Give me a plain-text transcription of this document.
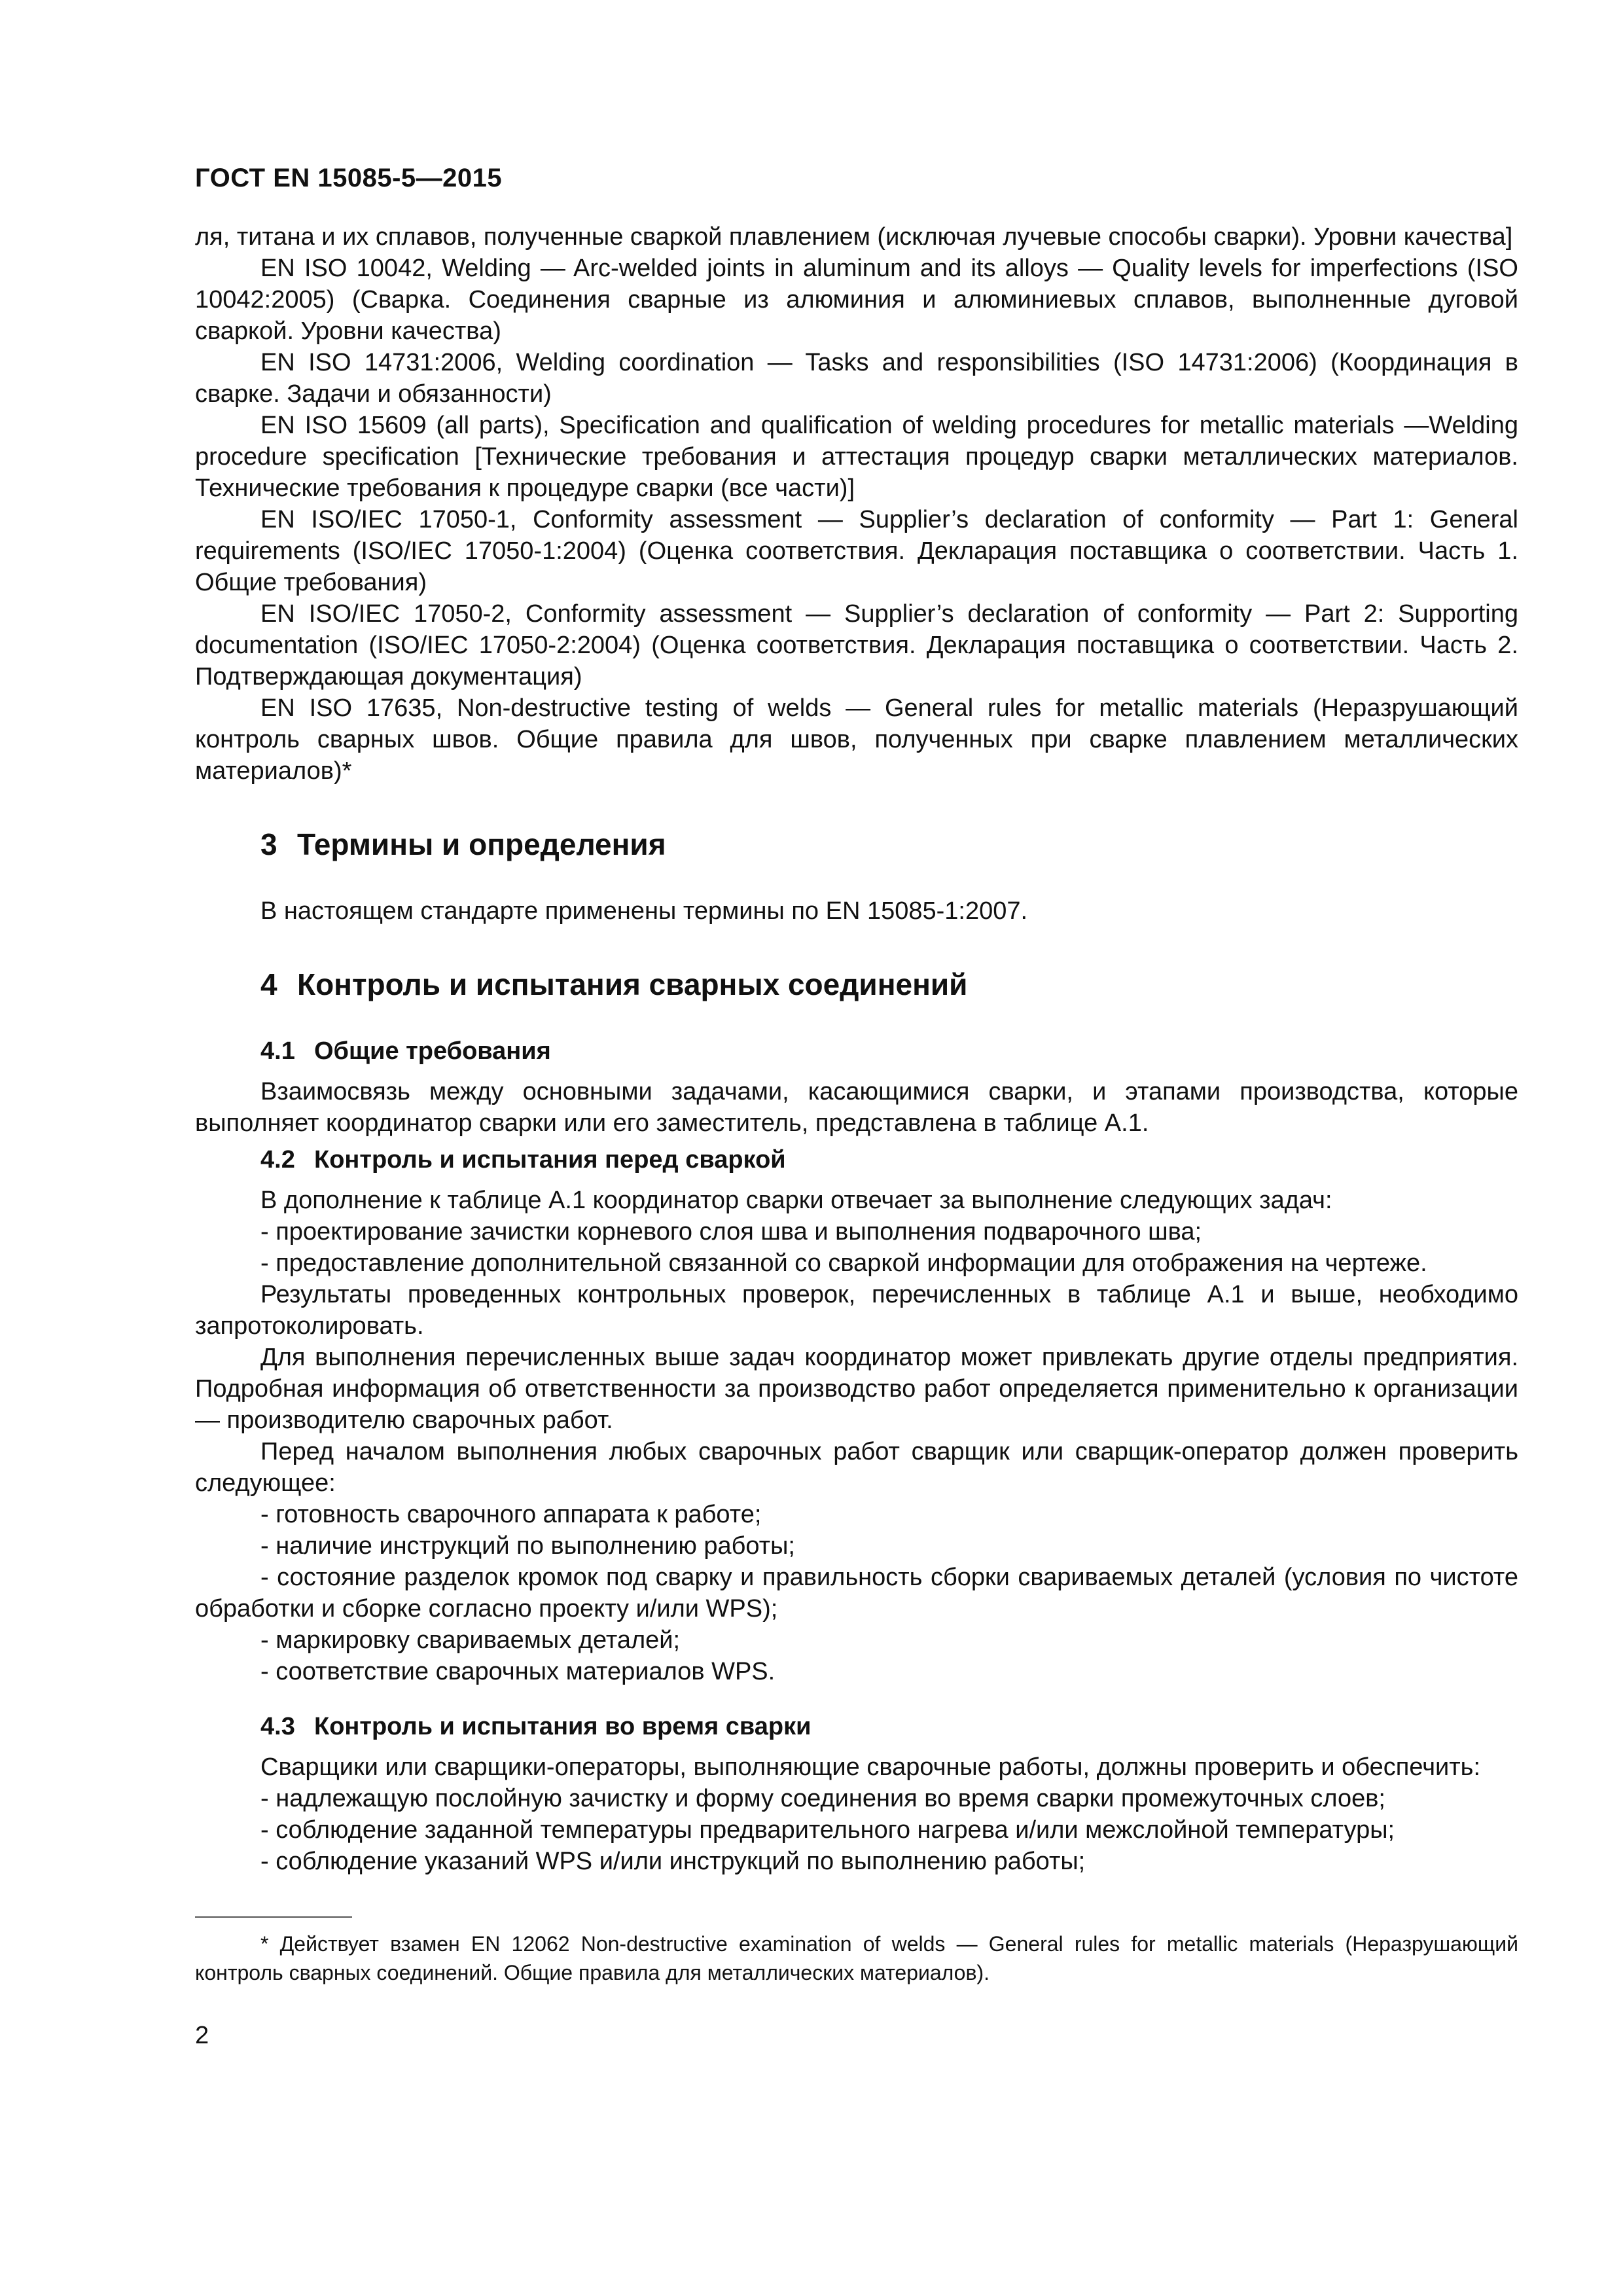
ГОСТ EN 15085-5—2015

ля, титана и их сплавов, полученные сваркой плавлением (исключая лучевые способы сварки). Уровни качества]

EN ISO 10042, Welding — Arc-welded joints in aluminum and its alloys — Quality levels for imperfections (ISO 10042:2005) (Сварка. Соединения сварные из алюминия и алюминиевых сплавов, выполненные дуговой сваркой. Уровни качества)

EN ISO 14731:2006, Welding coordination — Tasks and responsibilities (ISO 14731:2006) (Координация в сварке. Задачи и обязанности)

EN ISO 15609 (all parts), Specification and qualification of welding procedures for metallic materials —Welding procedure specification [Технические требования и аттестация процедур сварки металлических материалов. Технические требования к процедуре сварки (все части)]

EN ISO/IEC 17050-1, Conformity assessment — Supplier’s declaration of conformity — Part 1: General requirements (ISO/IEC 17050-1:2004) (Оценка соответствия. Декларация поставщика о соответствии. Часть 1. Общие требования)

EN ISO/IEC 17050-2, Conformity assessment — Supplier’s declaration of conformity — Part 2: Supporting documentation (ISO/IEC 17050-2:2004) (Оценка соответствия. Декларация поставщика о соответствии. Часть 2. Подтверждающая документация)

EN ISO 17635, Non-destructive testing of welds — General rules for metallic materials (Неразрушающий контроль сварных швов. Общие правила для швов, полученных при сварке плавлением металлических материалов)*

3 Термины и определения

В настоящем стандарте применены термины по EN 15085-1:2007.

4 Контроль и испытания сварных соединений
4.1 Общие требования

Взаимосвязь между основными задачами, касающимися сварки, и этапами производства, которые выполняет координатор сварки или его заместитель, представлена в таблице А.1.

4.2 Контроль и испытания перед сваркой

В дополнение к таблице А.1 координатор сварки отвечает за выполнение следующих задач:

- проектирование зачистки корневого слоя шва и выполнения подварочного шва;

- предоставление дополнительной связанной со сваркой информации для отображения на чертеже.

Результаты проведенных контрольных проверок, перечисленных в таблице А.1 и выше, необходимо запротоколировать.

Для выполнения перечисленных выше задач координатор может привлекать другие отделы предприятия. Подробная информация об ответственности за производство работ определяется применительно к организации — производителю сварочных работ.

Перед началом выполнения любых сварочных работ сварщик или сварщик-оператор должен проверить следующее:

- готовность сварочного аппарата к работе;

- наличие инструкций по выполнению работы;

- состояние разделок кромок под сварку и правильность сборки свариваемых деталей (условия по чистоте обработки и сборке согласно проекту и/или WPS);

- маркировку свариваемых деталей;

- соответствие сварочных материалов WPS.

4.3 Контроль и испытания во время сварки

Сварщики или сварщики-операторы, выполняющие сварочные работы, должны проверить и обеспечить:

- надлежащую послойную зачистку и форму соединения во время сварки промежуточных слоев;

- соблюдение заданной температуры предварительного нагрева и/или межслойной температуры;

- соблюдение указаний WPS и/или инструкций по выполнению работы;

* Действует взамен EN 12062 Non-destructive examination of welds — General rules for metallic materials (Неразрушающий контроль сварных соединений. Общие правила для металлических материалов).

2
